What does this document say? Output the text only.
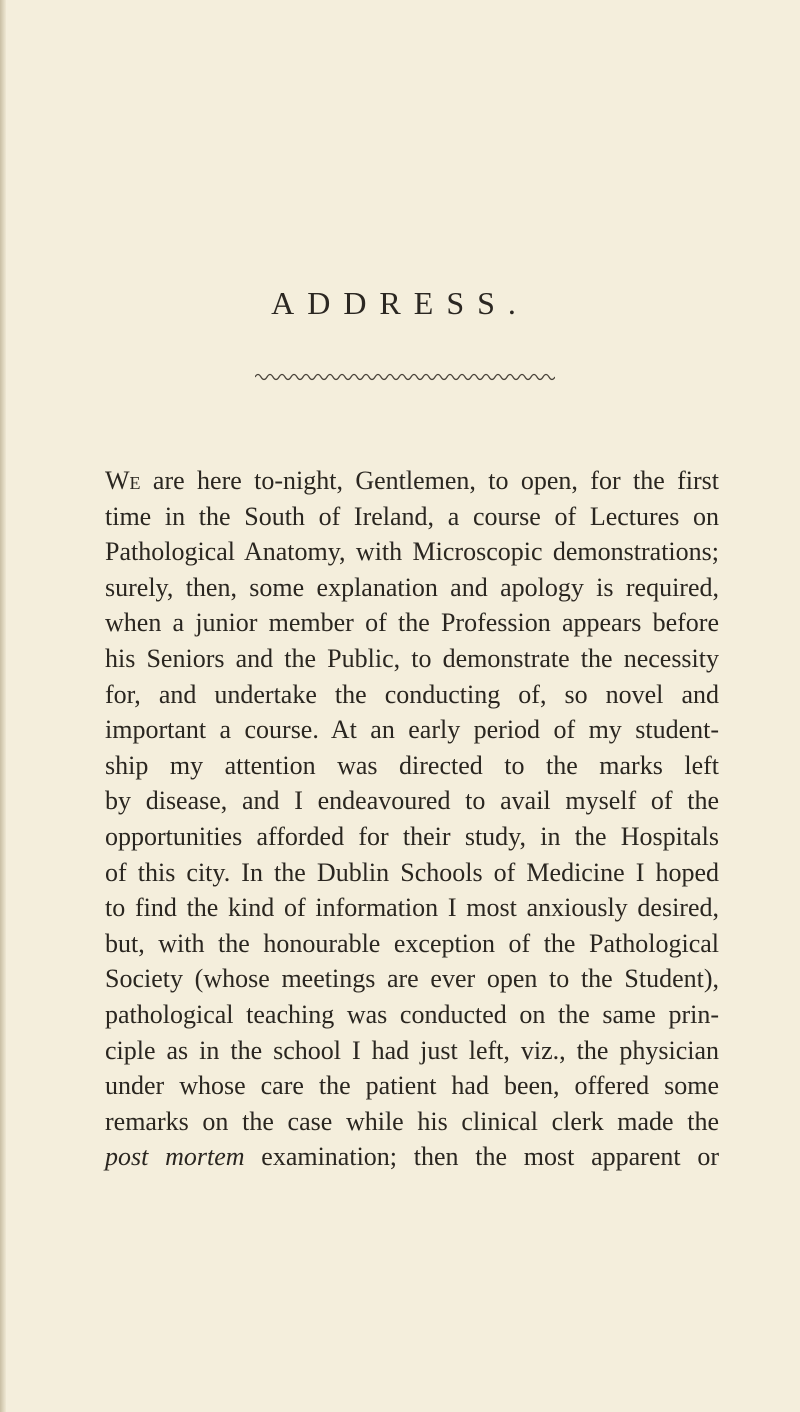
ADDRESS.
We are here to-night, Gentlemen, to open, for the first
time in the South of Ireland, a course of Lectures on
Pathological Anatomy, with Microscopic demonstrations;
surely, then, some explanation and apology is required,
when a junior member of the Profession appears before
his Seniors and the Public, to demonstrate the necessity
for, and undertake the conducting of, so novel and
important a course. At an early period of my student-
ship my attention was directed to the marks left
by disease, and I endeavoured to avail myself of the
opportunities afforded for their study, in the Hospitals
of this city. In the Dublin Schools of Medicine I hoped
to find the kind of information I most anxiously desired,
but, with the honourable exception of the Pathological
Society (whose meetings are ever open to the Student),
pathological teaching was conducted on the same prin-
ciple as in the school I had just left, viz., the physician
under whose care the patient had been, offered some
remarks on the case while his clinical clerk made the
post mortem examination; then the most apparent or
